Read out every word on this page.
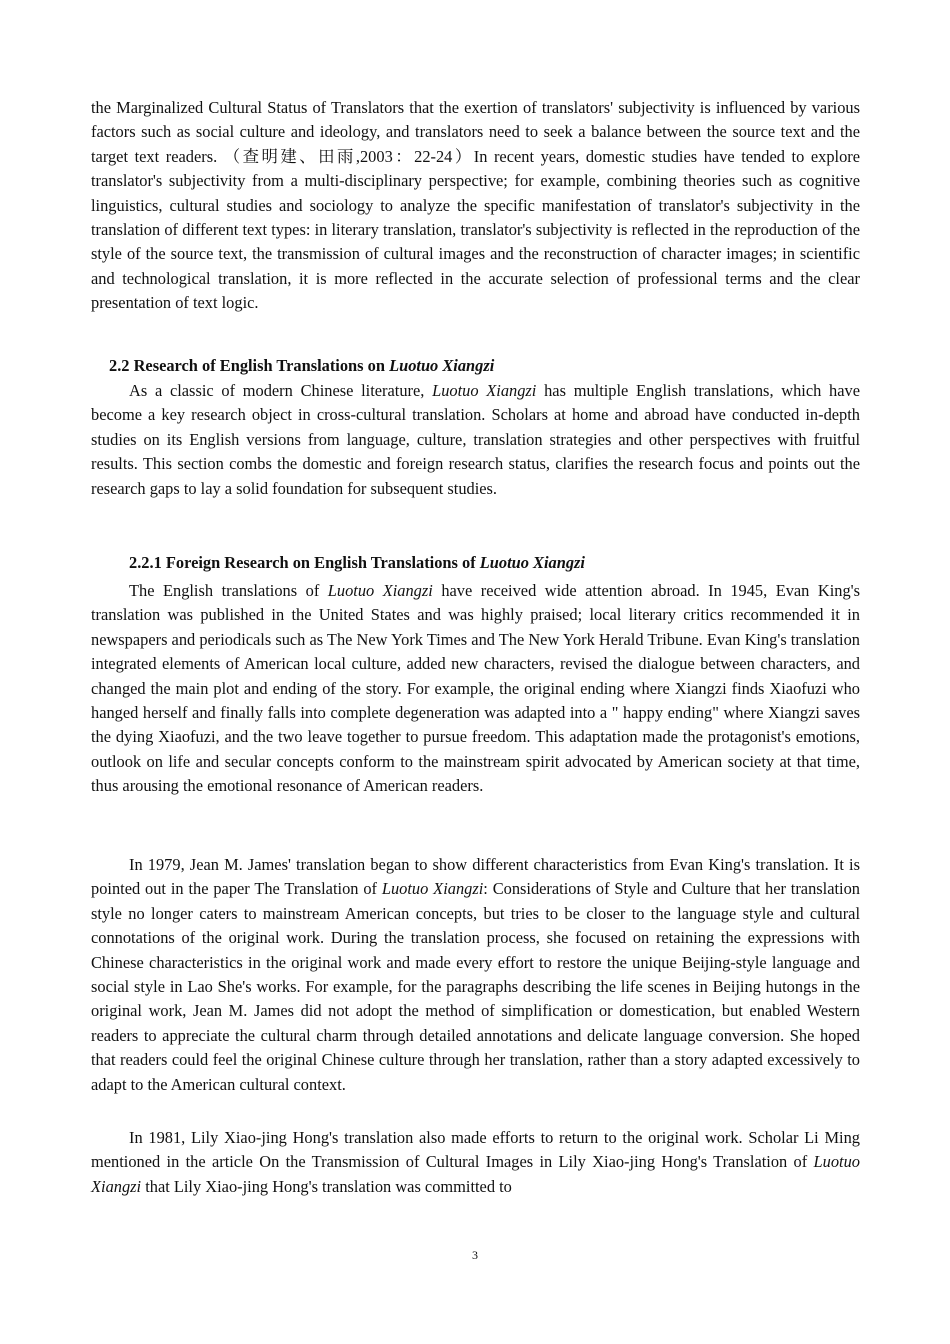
the Marginalized Cultural Status of Translators that the exertion of translators' subjectivity is influenced by various factors such as social culture and ideology, and translators need to seek a balance between the source text and the target text readers. （查明建、田雨,2003：22-24）In recent years, domestic studies have tended to explore translator's subjectivity from a multi-disciplinary perspective; for example, combining theories such as cognitive linguistics, cultural studies and sociology to analyze the specific manifestation of translator's subjectivity in the translation of different text types: in literary translation, translator's subjectivity is reflected in the reproduction of the style of the source text, the transmission of cultural images and the reconstruction of character images; in scientific and technological translation, it is more reflected in the accurate selection of professional terms and the clear presentation of text logic.

2.2 Research of English Translations on Luotuo Xiangzi

As a classic of modern Chinese literature, Luotuo Xiangzi has multiple English translations, which have become a key research object in cross-cultural translation. Scholars at home and abroad have conducted in-depth studies on its English versions from language, culture, translation strategies and other perspectives with fruitful results. This section combs the domestic and foreign research status, clarifies the research focus and points out the research gaps to lay a solid foundation for subsequent studies.

2.2.1 Foreign Research on English Translations of Luotuo Xiangzi

The English translations of Luotuo Xiangzi have received wide attention abroad. In 1945, Evan King's translation was published in the United States and was highly praised; local literary critics recommended it in newspapers and periodicals such as The New York Times and The New York Herald Tribune. Evan King's translation integrated elements of American local culture, added new characters, revised the dialogue between characters, and changed the main plot and ending of the story. For example, the original ending where Xiangzi finds Xiaofuzi who hanged herself and finally falls into complete degeneration was adapted into a " happy ending" where Xiangzi saves the dying Xiaofuzi, and the two leave together to pursue freedom. This adaptation made the protagonist's emotions, outlook on life and secular concepts conform to the mainstream spirit advocated by American society at that time, thus arousing the emotional resonance of American readers.

In 1979, Jean M. James' translation began to show different characteristics from Evan King's translation. It is pointed out in the paper The Translation of Luotuo Xiangzi: Considerations of Style and Culture that her translation style no longer caters to mainstream American concepts, but tries to be closer to the language style and cultural connotations of the original work. During the translation process, she focused on retaining the expressions with Chinese characteristics in the original work and made every effort to restore the unique Beijing-style language and social style in Lao She's works. For example, for the paragraphs describing the life scenes in Beijing hutongs in the original work, Jean M. James did not adopt the method of simplification or domestication, but enabled Western readers to appreciate the cultural charm through detailed annotations and delicate language conversion. She hoped that readers could feel the original Chinese culture through her translation, rather than a story adapted excessively to adapt to the American cultural context.

In 1981, Lily Xiao-jing Hong's translation also made efforts to return to the original work. Scholar Li Ming mentioned in the article On the Transmission of Cultural Images in Lily Xiao-jing Hong's Translation of Luotuo Xiangzi that Lily Xiao-jing Hong's translation was committed to

3
